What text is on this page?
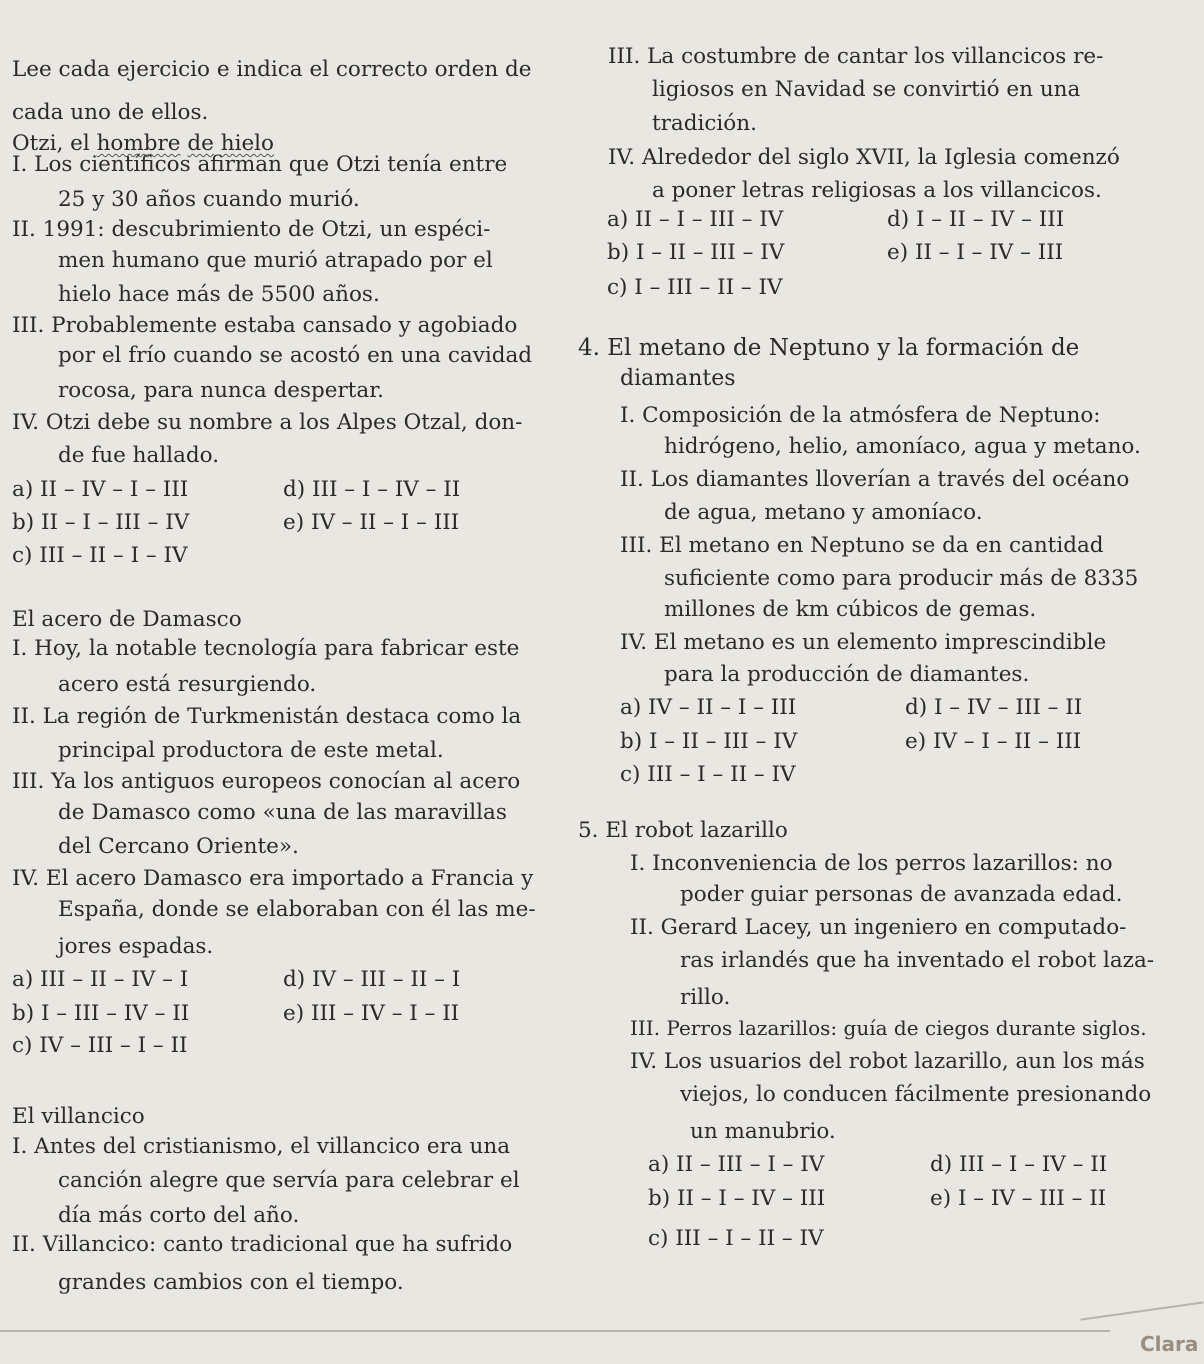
Lee cada ejercicio e indica el correcto orden de
cada uno de ellos.
Otzi, el hombre de hielo
I. Los científicos afirman que Otzi tenía entre
25 y 30 años cuando murió.
II. 1991: descubrimiento de Otzi, un espéci-
men humano que murió atrapado por el
hielo hace más de 5500 años.
III. Probablemente estaba cansado y agobiado
por el frío cuando se acostó en una cavidad
rocosa, para nunca despertar.
IV. Otzi debe su nombre a los Alpes Otzal, don-
de fue hallado.
a) II – IV – I – III	d) III – I – IV – II
b) II – I – III – IV	e) IV – II – I – III
c) III – II – I – IV
El acero de Damasco
I. Hoy, la notable tecnología para fabricar este
acero está resurgiendo.
II. La región de Turkmenistán destaca como la
principal productora de este metal.
III. Ya los antiguos europeos conocían al acero
de Damasco como «una de las maravillas
del Cercano Oriente».
IV. El acero Damasco era importado a Francia y
España, donde se elaboraban con él las me-
jores espadas.
a) III – II – IV – I	d) IV – III – II – I
b) I – III – IV – II	e) III – IV – I – II
c) IV – III – I – II
El villancico
I. Antes del cristianismo, el villancico era una
canción alegre que servía para celebrar el
día más corto del año.
II. Villancico: canto tradicional que ha sufrido
grandes cambios con el tiempo.
III. La costumbre de cantar los villancicos re-
ligiosos en Navidad se convirtió en una
tradición.
IV. Alrededor del siglo XVII, la Iglesia comenzó
a poner letras religiosas a los villancicos.
a) II – I – III – IV	d) I – II – IV – III
b) I – II – III – IV	e) II – I – IV – III
c) I – III – II – IV
4. El metano de Neptuno y la formación de
diamantes
I. Composición de la atmósfera de Neptuno:
hidrógeno, helio, amoníaco, agua y metano.
II. Los diamantes lloverían a través del océano
de agua, metano y amoníaco.
III. El metano en Neptuno se da en cantidad
suficiente como para producir más de 8335
millones de km cúbicos de gemas.
IV. El metano es un elemento imprescindible
para la producción de diamantes.
a) IV – II – I – III	d) I – IV – III – II
b) I – II – III – IV	e) IV – I – II – III
c) III – I – II – IV
5. El robot lazarillo
I. Inconveniencia de los perros lazarillos: no
poder guiar personas de avanzada edad.
II. Gerard Lacey, un ingeniero en computado-
ras irlandés que ha inventado el robot laza-
rillo.
III. Perros lazarillos: guía de ciegos durante siglos.
IV. Los usuarios del robot lazarillo, aun los más
viejos, lo conducen fácilmente presionando
un manubrio.
a) II – III – I – IV	d) III – I – IV – II
b) II – I – IV – III	e) I – IV – III – II
c) III – I – II – IV
Clara
